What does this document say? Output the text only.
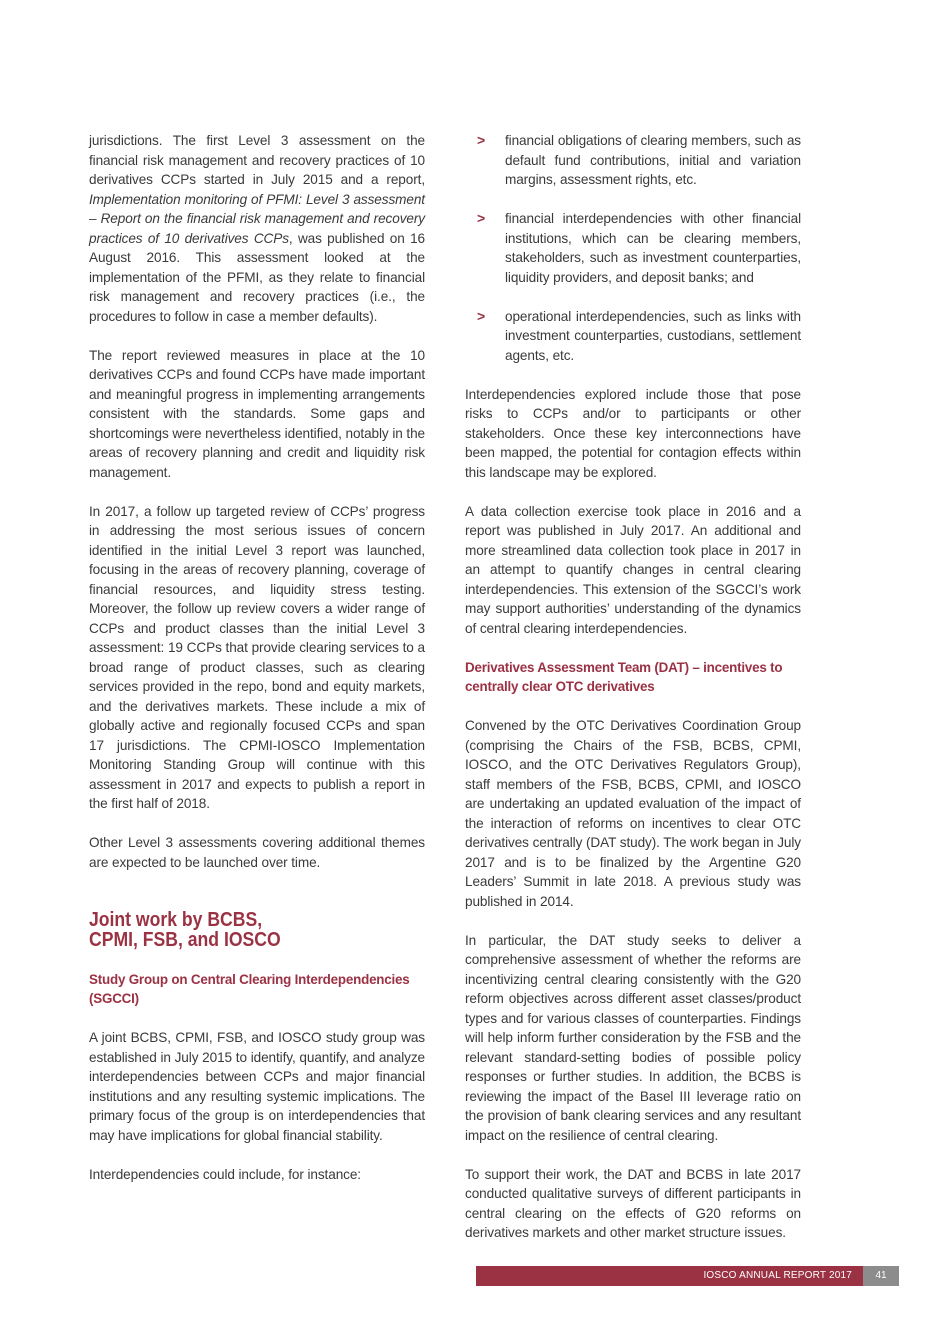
jurisdictions. The first Level 3 assessment on the financial risk management and recovery practices of 10 derivatives CCPs started in July 2015 and a report, Implementation monitoring of PFMI: Level 3 assessment – Report on the financial risk management and recovery practices of 10 derivatives CCPs, was published on 16 August 2016. This assessment looked at the implementation of the PFMI, as they relate to financial risk management and recovery practices (i.e., the procedures to follow in case a member defaults).

The report reviewed measures in place at the 10 derivatives CCPs and found CCPs have made important and meaningful progress in implementing arrangements consistent with the standards. Some gaps and shortcomings were nevertheless identified, notably in the areas of recovery planning and credit and liquidity risk management.

In 2017, a follow up targeted review of CCPs’ progress in addressing the most serious issues of concern identified in the initial Level 3 report was launched, focusing in the areas of recovery planning, coverage of financial resources, and liquidity stress testing. Moreover, the follow up review covers a wider range of CCPs and product classes than the initial Level 3 assessment: 19 CCPs that provide clearing services to a broad range of product classes, such as clearing services provided in the repo, bond and equity markets, and the derivatives markets. These include a mix of globally active and regionally focused CCPs and span 17 jurisdictions. The CPMI-IOSCO Implementation Monitoring Standing Group will continue with this assessment in 2017 and expects to publish a report in the first half of 2018.

Other Level 3 assessments covering additional themes are expected to be launched over time.

Joint work by BCBS,
CPMI, FSB, and IOSCO
Study Group on Central Clearing Interdependencies (SGCCI)

A joint BCBS, CPMI, FSB, and IOSCO study group was established in July 2015 to identify, quantify, and analyze interdependencies between CCPs and major financial institutions and any resulting systemic implications. The primary focus of the group is on interdependencies that may have implications for global financial stability.

Interdependencies could include, for instance:

> financial obligations of clearing members, such as default fund contributions, initial and variation margins, assessment rights, etc.
> financial interdependencies with other financial institutions, which can be clearing members, stakeholders, such as investment counterparties, liquidity providers, and deposit banks; and
> operational interdependencies, such as links with investment counterparties, custodians, settlement agents, etc.

Interdependencies explored include those that pose risks to CCPs and/or to participants or other stakeholders. Once these key interconnections have been mapped, the potential for contagion effects within this landscape may be explored.

A data collection exercise took place in 2016 and a report was published in July 2017. An additional and more streamlined data collection took place in 2017 in an attempt to quantify changes in central clearing interdependencies. This extension of the SGCCI’s work may support authorities’ understanding of the dynamics of central clearing interdependencies.

Derivatives Assessment Team (DAT) – incentives to centrally clear OTC derivatives

Convened by the OTC Derivatives Coordination Group (comprising the Chairs of the FSB, BCBS, CPMI, IOSCO, and the OTC Derivatives Regulators Group), staff members of the FSB, BCBS, CPMI, and IOSCO are undertaking an updated evaluation of the impact of the interaction of reforms on incentives to clear OTC derivatives centrally (DAT study). The work began in July 2017 and is to be finalized by the Argentine G20 Leaders’ Summit in late 2018. A previous study was published in 2014.

In particular, the DAT study seeks to deliver a comprehensive assessment of whether the reforms are incentivizing central clearing consistently with the G20 reform objectives across different asset classes/product types and for various classes of counterparties. Findings will help inform further consideration by the FSB and the relevant standard-setting bodies of possible policy responses or further studies. In addition, the BCBS is reviewing the impact of the Basel III leverage ratio on the provision of bank clearing services and any resultant impact on the resilience of central clearing.

To support their work, the DAT and BCBS in late 2017 conducted qualitative surveys of different participants in central clearing on the effects of G20 reforms on derivatives markets and other market structure issues.

IOSCO ANNUAL REPORT 2017	41
